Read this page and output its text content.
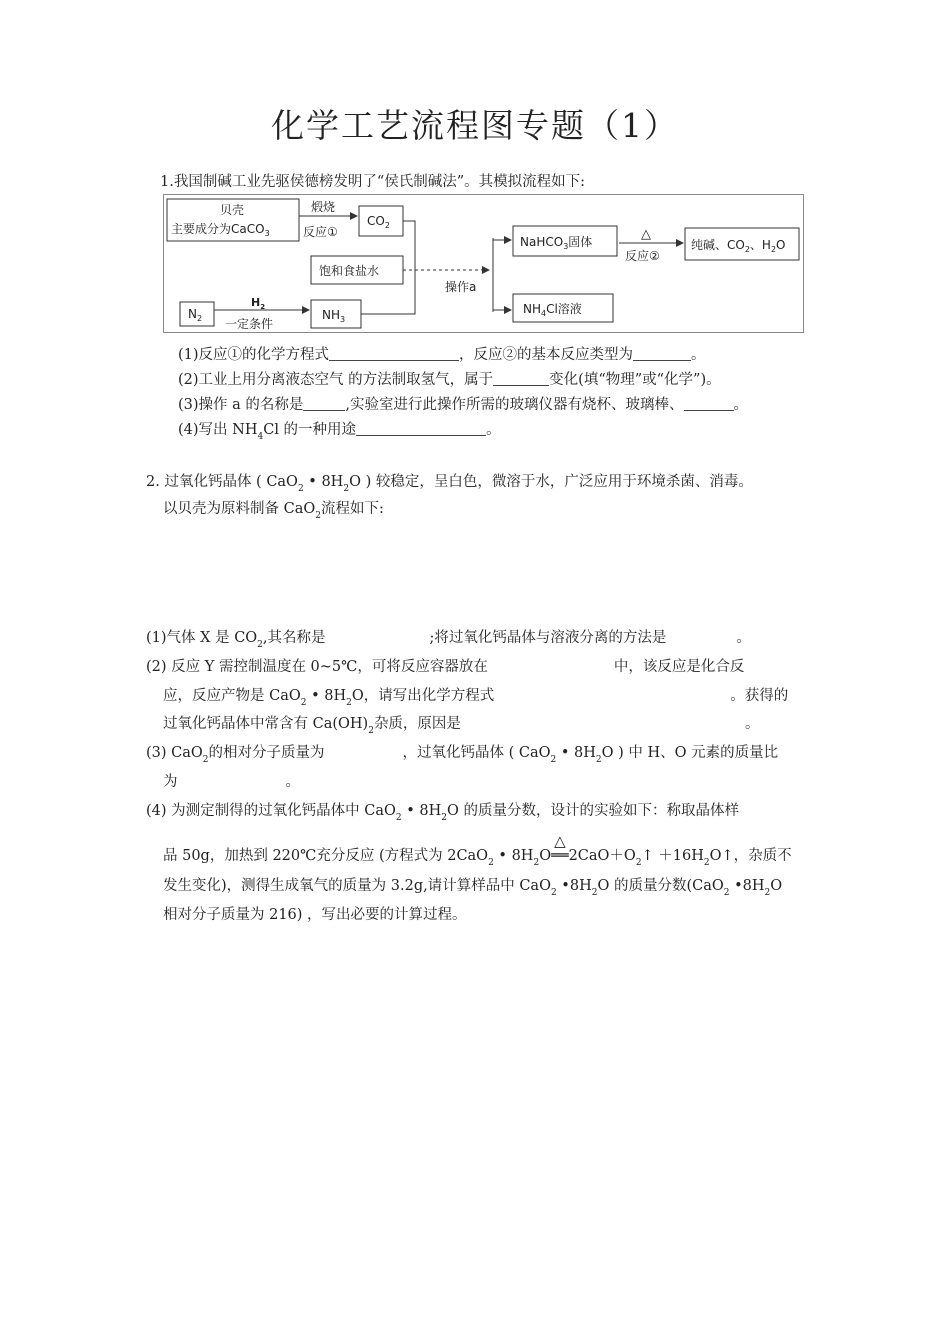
化学工艺流程图专题（1）
1.我国制碱工业先驱侯德榜发明了“侯氏制碱法”。其模拟流程如下:
贝壳
主要成分为CaCO$_3$
煅烧
反应①
$CO_2$
饱和食盐水
操作a
NaHCO$_3$固体	△
反应②
纯碱、$CO_2$、$H_2O$
$NH_4Cl$溶液
$N_2$
$H_2$
一定条件
$NH_3$
(1)反应①的化学方程式	，反应②的基本反应类型为	。
(2)工业上用分离液态空气 的方法制取氢气，属于	变化(填“物理”或“化学”)。
(3)操作 a 的名称是	,实验室进行此操作所需的玻璃仪器有烧杯、玻璃棒、	。
(4)写出 $NH_4Cl$ 的一种用途	。
2. 过氧化钙晶体 ( CaO$_2$ • $8H_2O$ ) 较稳定，呈白色，微溶于水，广泛应用于环境杀菌、消毒。
以贝壳为原料制备 CaO$_2$流程如下:
(1)气体 X 是 $CO_2$,其名称是	;将过氧化钙晶体与溶液分离的方法是	。
(2) 反应 Y 需控制温度在 0~5℃，可将反应容器放在	中，该反应是化合反
应，反应产物是 CaO$_2$ • $8H_2O$，请写出化学方程式	。获得的
过氧化钙晶体中常含有 $Ca(OH)_2$杂质，原因是	。
(3) CaO$_2$的相对分子质量为	，过氧化钙晶体 ( CaO$_2$ • $8H_2O$ ) 中 H、O 元素的质量比
为	。
(4) 为测定制得的过氧化钙晶体中 CaO$_2$ • $8H_2O$ 的质量分数，设计的实验如下：称取晶体样
品 50g，加热到 220℃充分反应 (方程式为 2CaO$_2$ • $8H_2O$
△
$══2CaO+O_2↑$ $+16H_2O↑$，杂质不
发生变化)，测得生成氧气的质量为 3.2g,请计算样品中 CaO$_2$ $•8H_2O$ 的质量分数(CaO$_2$ $•8H_2O$
相对分子质量为 216) ，写出必要的计算过程。
